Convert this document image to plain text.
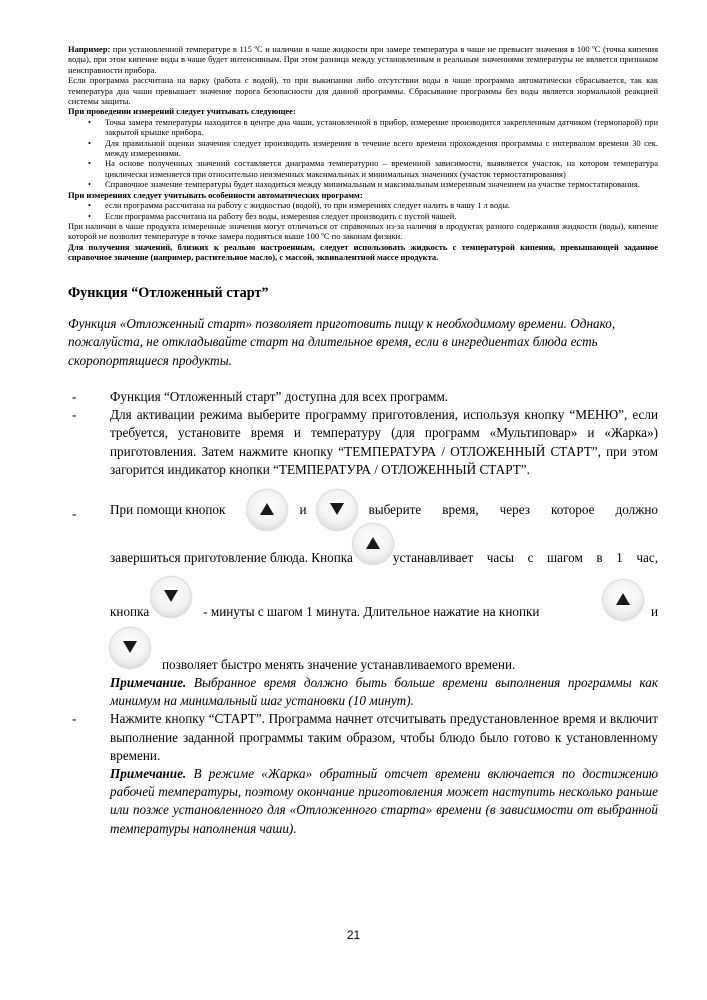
Например: при установленной температуре в 115 ºС и наличии в чаше жидкости при замере температура в чаше не превысит значения в 100 ºС (точка кипения воды), при этом кипение воды в чаше будет интенсивным. При этом разница между установленным и реальным значениями температуры не является признаком неисправности прибора.

Если программа рассчитана на варку (работа с водой), то при выкипании либо отсутствии воды в чаше программа автоматически сбрасывается, так как температура дна чаши превышает значение порога безопасности для данной программы. Сбрасывание программы без воды является нормальной реакцией системы защиты.

При проведении измерений следует учитывать следующее:

• Точка замера температуры находится в центре дна чаши, установленной в прибор, измерение производится закрепленным датчиком (термопарой) при закрытой крышке прибора.
• Для правильной оценки значения следует производить измерения в течение всего времени прохождения программы с интервалом времени 30 сек. между измерениями.
• На основе полученных значений составляется диаграмма температурно – временной зависимости, выявляется участок, на котором температура циклически изменяется при относительно неизменных максимальных и минимальных значениях (участок термостатирования)
• Справочное значение температуры будет находиться между минимальным и максимальным измеренным значением на участке термостатирования.

При измерениях следует учитывать особенности автоматических программ:

• если программа рассчитана на работу с жидкостью (водой), то при измерениях следует налить в чашу 1 л воды.
• Если программа рассчитана на работу без воды, измерения следует производить с пустой чашей.

При наличии в чаше продукта измеренные значения могут отличаться от справочных из-за наличия в продуктах разного содержания жидкости (воды), кипение которой не позволит температуре в точке замера подняться выше 100 ºС по законам физики.

Для получения значений, близких к реально настроенным, следует использовать жидкость с температурой кипения, превышающей заданное справочное значение (например, растительное масло), с массой, эквивалентной массе продукта.

Функция “Отложенный старт”

Функция «Отложенный старт» позволяет приготовить пищу к необходимому времени. Однако, пожалуйста, не откладывайте старт на длительное время, если в ингредиентах блюда есть скоропортящиеся продукты.

-	Функция “Отложенный старт” доступна для всех программ.
-	Для активации режима выберите программу приготовления, используя кнопку “МЕНЮ”, если требуется, установите время и температуру (для программ «Мультиповар» и «Жарка») приготовления. Затем нажмите кнопку “ТЕМПЕРАТУРА / ОТЛОЖЕННЫЙ СТАРТ”, при этом загорится индикатор кнопки “ТЕМПЕРАТУРА / ОТЛОЖЕННЫЙ СТАРТ”.
-	При помощи кнопок	и	выберите время, через которое должно
завершиться приготовление блюда. Кнопка	устанавливает часы с шагом в 1 час,
кнопка	- минуты с шагом 1 минута. Длительное нажатие на кнопки	и
позволяет быстро менять значение устанавливаемого времени.
Примечание. Выбранное время должно быть больше времени выполнения программы как минимум на минимальный шаг установки (10 минут).
-	Нажмите кнопку “СТАРТ”. Программа начнет отсчитывать предустановленное время и включит выполнение заданной программы таким образом, чтобы блюдо было готово к установленному времени.
Примечание. В режиме «Жарка» обратный отсчет времени включается по достижению рабочей температуры, поэтому окончание приготовления может наступить несколько раньше или позже установленного для «Отложенного старта» времени (в зависимости от выбранной температуры наполнения чаши).
21
